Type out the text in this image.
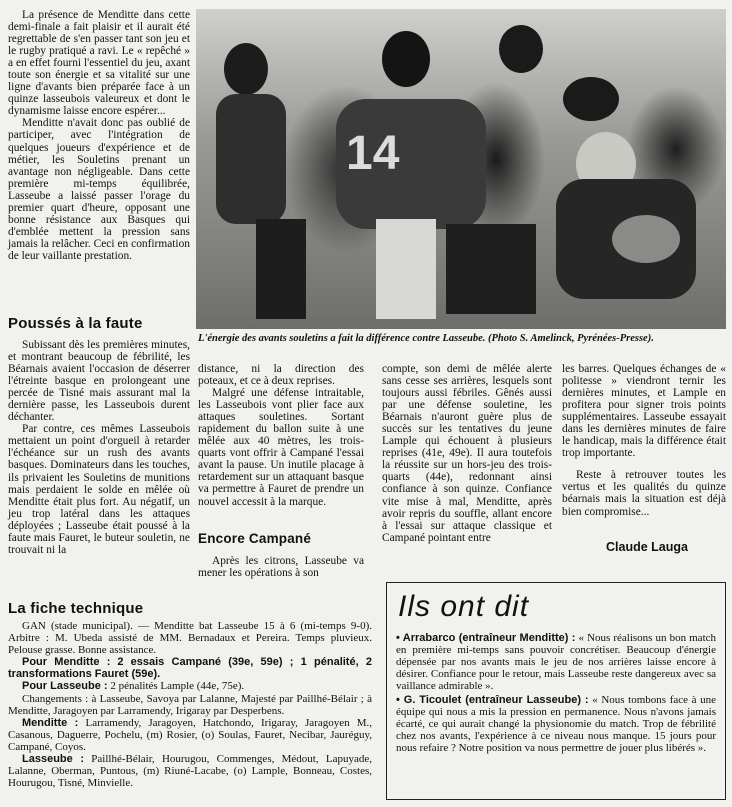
La présence de Menditte dans cette demi-finale a fait plaisir et il aurait été regrettable de s'en passer tant son jeu et le rugby pratiqué a ravi. Le « repêché » a en effet fourni l'essentiel du jeu, axant toute son énergie et sa vitalité sur une ligne d'avants bien préparée face à un quinze lasseubois valeureux et dont le dynamisme laisse encore espérer...

Menditte n'avait donc pas oublié de participer, avec l'intégration de quelques joueurs d'expérience et de métier, les Souletins prenant un avantage non négligeable. Dans cette première mi-temps équilibrée, Lasseube a laissé passer l'orage du premier quart d'heure, opposant une bonne résistance aux Basques qui d'emblée mettent la pression sans jamais la relâcher. Ceci en confirmation de leur vaillante prestation.

Poussés à la faute

Subissant dès les premières minutes, et montrant beaucoup de fébrilité, les Béarnais avaient l'occasion de déserrer l'étreinte basque en prolongeant une percée de Tisné mais assurant mal la dernière passe, les Lasseubois durent déchanter.

Par contre, ces mêmes Lasseubois mettaient un point d'orgueil à retarder l'échéance sur un rush des avants basques. Dominateurs dans les touches, ils privaient les Souletins de munitions mais perdaient le solde en mêlée où Menditte était plus fort. Au négatif, un jeu trop latéral dans les attaques déployées ; Lasseube était poussé à la faute mais Fauret, le buteur souletin, ne trouvait ni la

14
L'énergie des avants souletins a fait la différence contre Lasseube. (Photo S. Amelinck, Pyrénées-Presse).

distance, ni la direction des poteaux, et ce à deux reprises.

Malgré une défense intraitable, les Lasseubois vont plier face aux attaques souletines. Sortant rapidement du ballon suite à une mêlée aux 40 mètres, les trois-quarts vont offrir à Campané l'essai avant la pause. Un inutile placage à retardement sur un attaquant basque va permettre à Fauret de prendre un nouvel accessit à la marque.

Encore Campané

Après les citrons, Lasseube va mener les opérations à son

compte, son demi de mêlée alerte sans cesse ses arrières, lesquels sont toujours aussi fébriles. Gênés aussi par une défense souletine, les Béarnais n'auront guère plus de succès sur les tentatives du jeune Lample qui échouent à plusieurs reprises (41e, 49e). Il aura toutefois la réussite sur un hors-jeu des trois-quarts (44e), redonnant ainsi confiance à son quinze. Confiance vite mise à mal, Menditte, après avoir repris du souffle, allant encore à l'essai sur attaque classique et Campané pointant entre

les barres. Quelques échanges de « politesse » viendront ternir les dernières minutes, et Lample en profitera pour signer trois points supplémentaires. Lasseube essayait dans les dernières minutes de faire le handicap, mais la différence était trop importante.

Reste à retrouver toutes les vertus et les qualités du quinze béarnais mais la situation est déjà bien compromise...

Claude Lauga
La fiche technique

GAN (stade municipal). — Menditte bat Lasseube 15 à 6 (mi-temps 9-0). Arbitre : M. Ubeda assisté de MM. Bernadaux et Pereira. Temps pluvieux. Pelouse grasse. Bonne assistance.

Pour Menditte : 2 essais Campané (39e, 59e) ; 1 pénalité, 2 transformations Fauret (59e).

Pour Lasseube : 2 pénalités Lample (44e, 75e).

Changements : à Lasseube, Savoya par Lalanne, Majesté par Paillhé-Bélair ; à Menditte, Jaragoyen par Larramendy, Irigaray par Desperbens.

Menditte : Larramendy, Jaragoyen, Hatchondo, Irigaray, Jaragoyen M., Casanous, Daguerre, Pochelu, (m) Rosier, (o) Soulas, Fauret, Necibar, Jauréguy, Campané, Coyos.

Lasseube : Paillhé-Bélair, Hourugou, Commenges, Médout, Lapuyade, Lalanne, Oberman, Puntous, (m) Riuné-Lacabe, (o) Lample, Bonneau, Costes, Hourugou, Tisné, Minvielle.

Ils ont dit

• Arrabarco (entraîneur Menditte) : « Nous réalisons un bon match en première mi-temps sans pouvoir concrétiser. Beaucoup d'énergie dépensée par nos avants mais le jeu de nos arrières laisse encore à désirer. Confiance pour le retour, mais Lasseube reste dangereux avec sa vaillance admirable ».

• G. Ticoulet (entraîneur Lasseube) : « Nous tombons face à une équipe qui nous a mis la pression en permanence. Nous n'avons jamais écarté, ce qui aurait changé la physionomie du match. Trop de fébrilité chez nos avants, l'expérience à ce niveau nous manque. 15 jours pour nous refaire ? Notre position va nous permettre de jouer plus libérés ».
